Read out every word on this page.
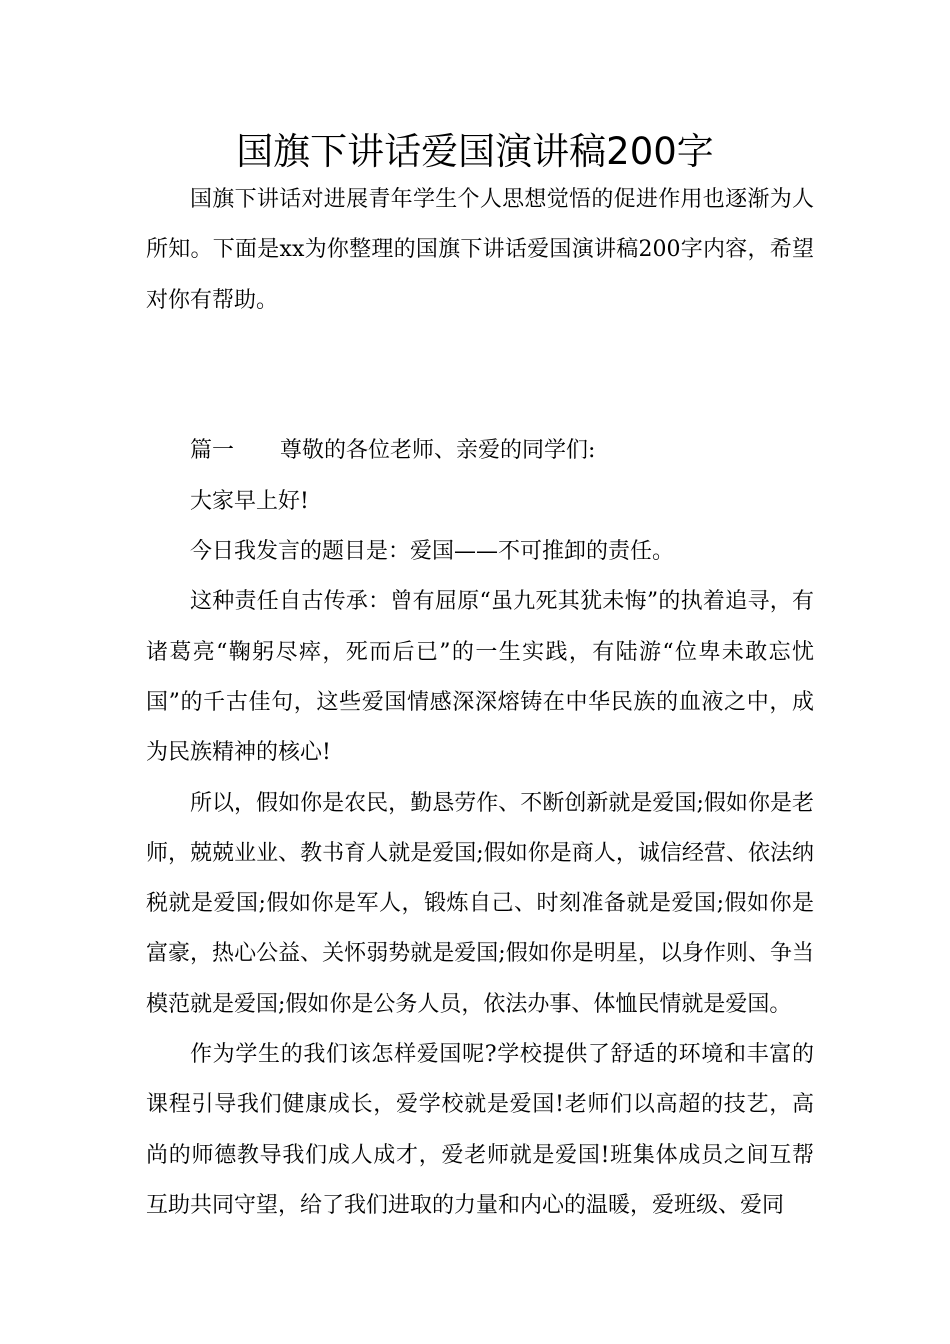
国旗下讲话爱国演讲稿200字

国旗下讲话对进展青年学生个人思想觉悟的促进作用也逐渐为人所知。下面是xx为你整理的国旗下讲话爱国演讲稿200字内容，希望对你有帮助。

篇一 尊敬的各位老师、亲爱的同学们:

大家早上好!

今日我发言的题目是：爱国——不可推卸的责任。

这种责任自古传承：曾有屈原“虽九死其犹未悔”的执着追寻，有诸葛亮“鞠躬尽瘁，死而后已”的一生实践，有陆游“位卑未敢忘忧国”的千古佳句，这些爱国情感深深熔铸在中华民族的血液之中，成为民族精神的核心!

所以，假如你是农民，勤恳劳作、不断创新就是爱国;假如你是老师，兢兢业业、教书育人就是爱国;假如你是商人，诚信经营、依法纳税就是爱国;假如你是军人，锻炼自己、时刻准备就是爱国;假如你是富豪，热心公益、关怀弱势就是爱国;假如你是明星，以身作则、争当模范就是爱国;假如你是公务人员，依法办事、体恤民情就是爱国。

作为学生的我们该怎样爱国呢?学校提供了舒适的环境和丰富的课程引导我们健康成长，爱学校就是爱国!老师们以高超的技艺，高尚的师德教导我们成人成才，爱老师就是爱国!班集体成员之间互帮互助共同守望，给了我们进取的力量和内心的温暖，爱班级、爱同
